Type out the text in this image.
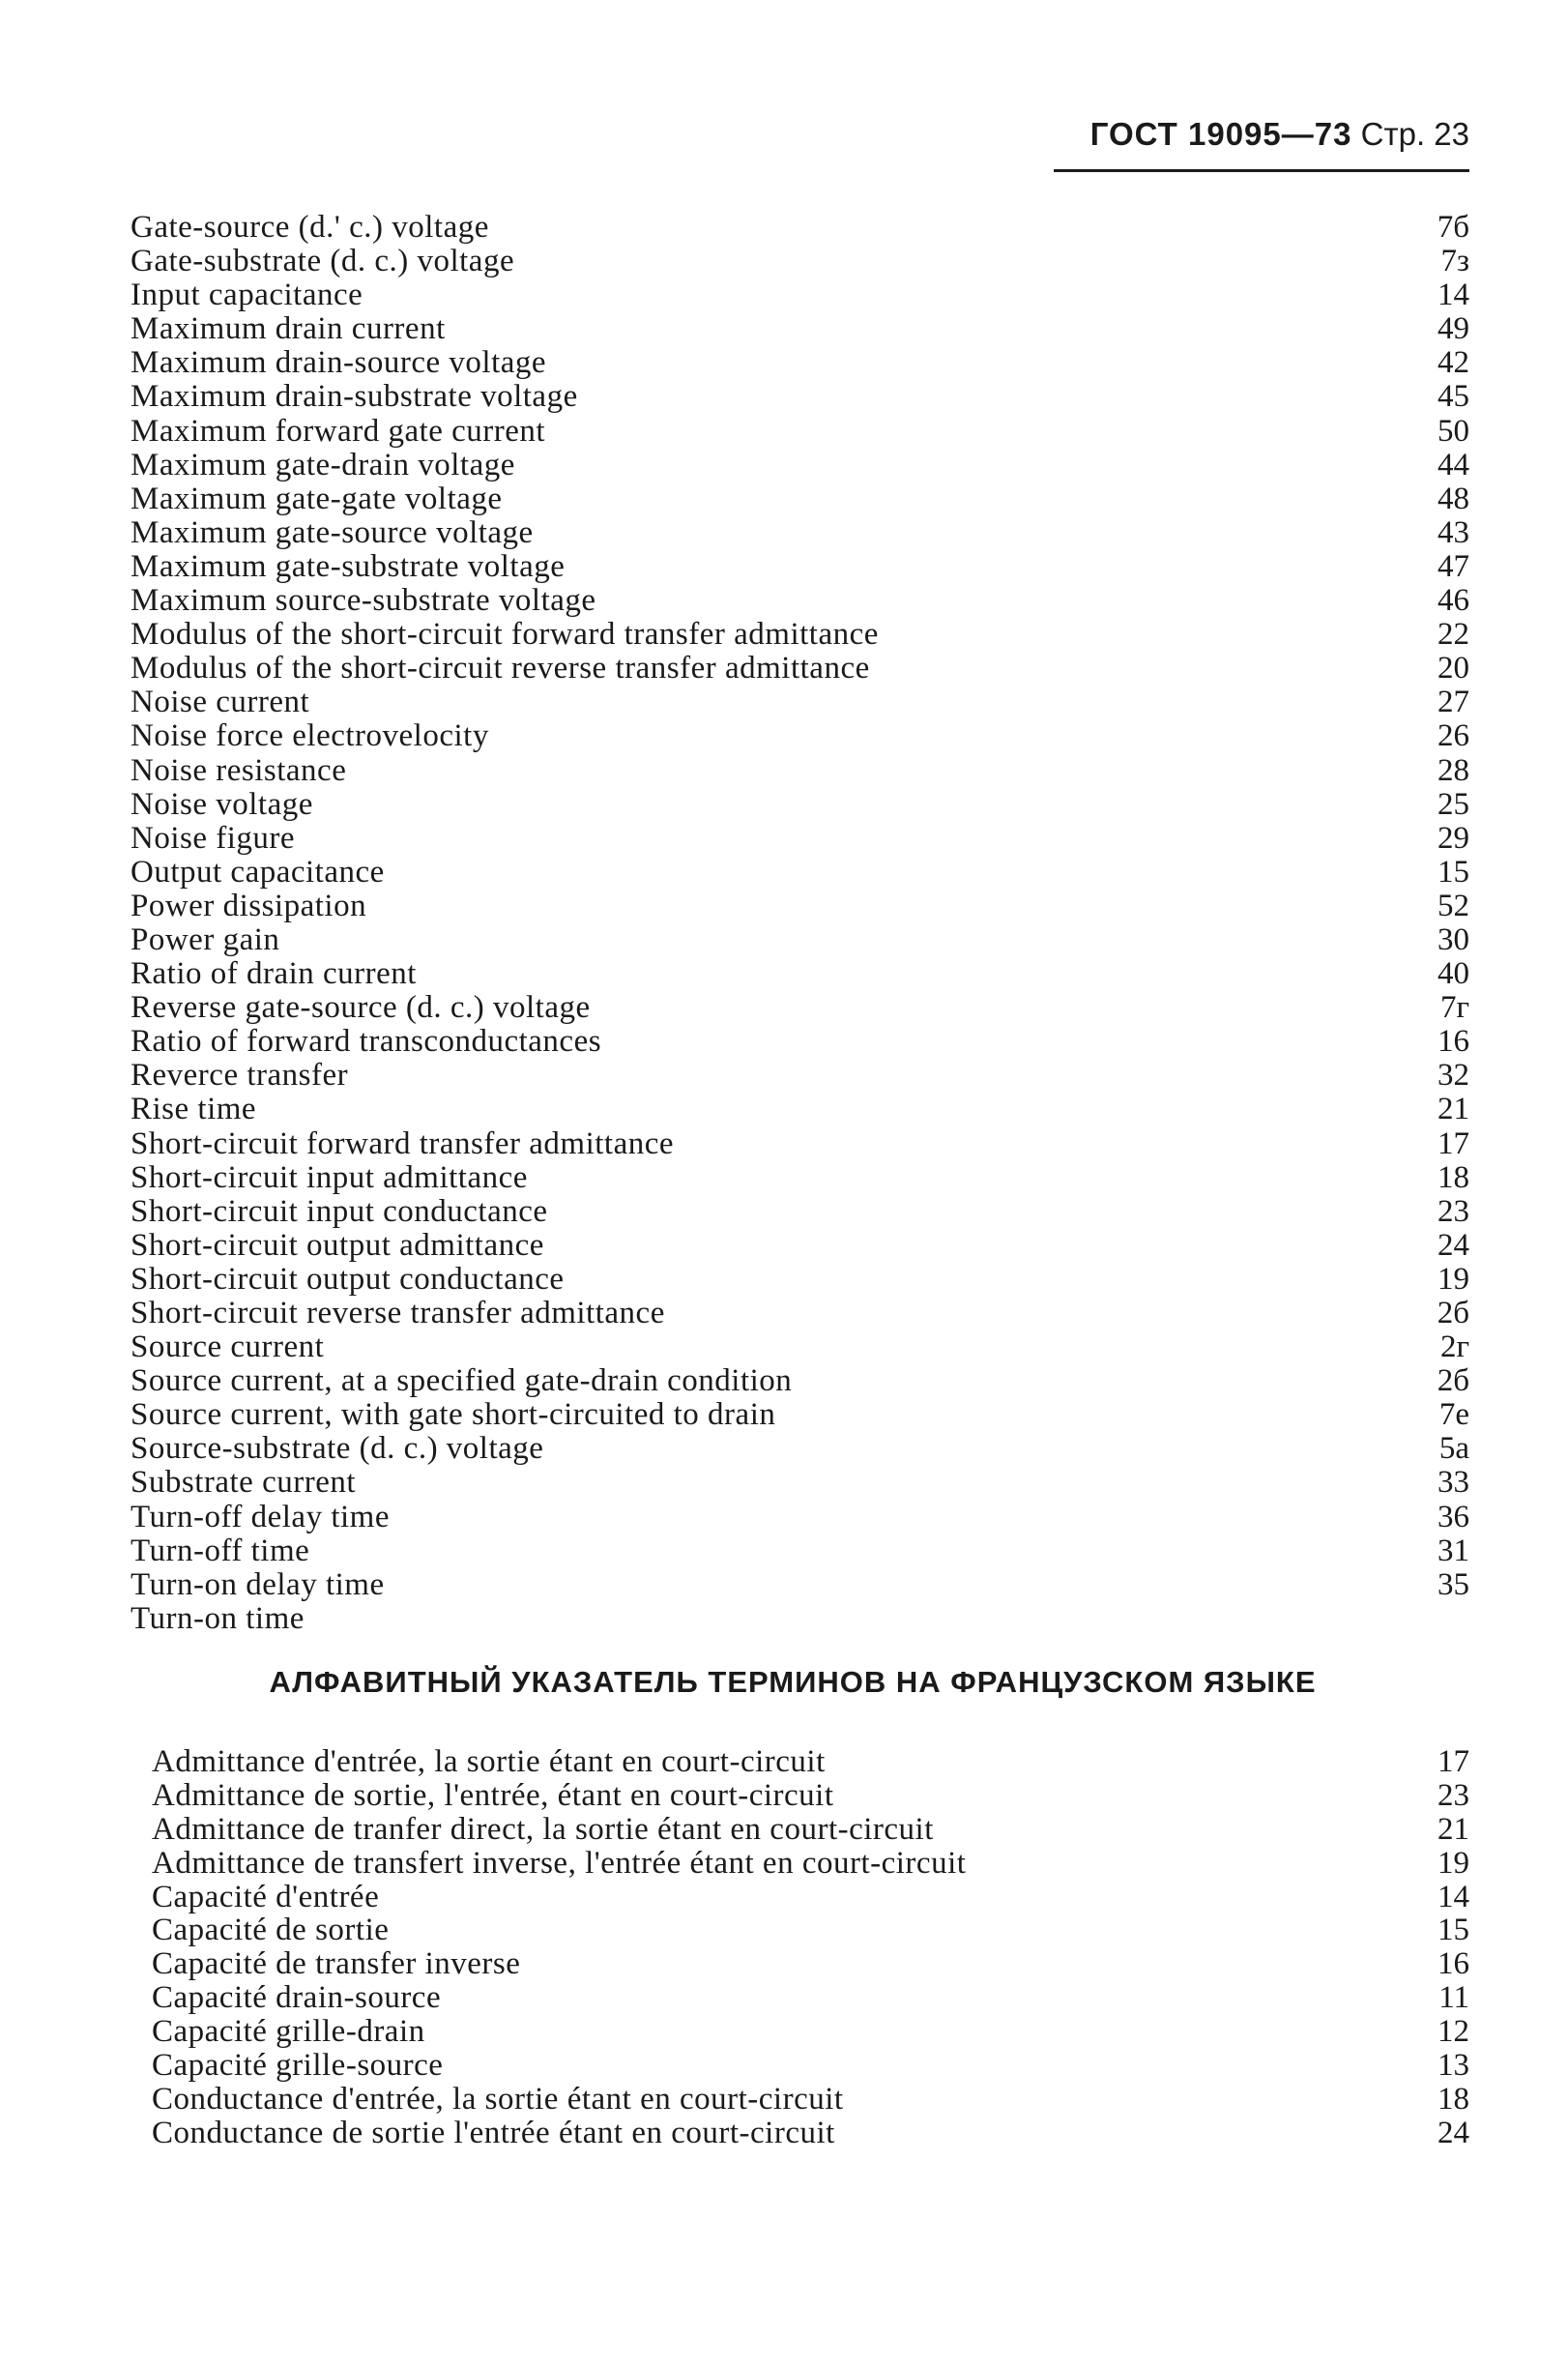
ГОСТ 19095—73 Стр. 23
Gate-source (d.' c.) voltage	7б
Gate-substrate (d. c.) voltage	7з
Input capacitance	14
Maximum drain current	49
Maximum drain-source voltage	42
Maximum drain-substrate voltage	45
Maximum forward gate current	50
Maximum gate-drain voltage	44
Maximum gate-gate voltage	48
Maximum gate-source voltage	43
Maximum gate-substrate voltage	47
Maximum source-substrate voltage	46
Modulus of the short-circuit forward transfer admittance	22
Modulus of the short-circuit reverse transfer admittance	20
Noise current	27
Noise force electrovelocity	26
Noise resistance	28
Noise voltage	25
Noise figure	29
Output capacitance	15
Power dissipation	52
Power gain	30
Ratio of drain current	40
Reverse gate-source (d. c.) voltage	7г
Ratio of forward transconductances	16
Reverce transfer	32
Rise time	21
Short-circuit forward transfer admittance	17
Short-circuit input admittance	18
Short-circuit input conductance	23
Short-circuit output admittance	24
Short-circuit output conductance	19
Short-circuit reverse transfer admittance	2б
Source current	2г
Source current, at a specified gate-drain condition	2б
Source current, with gate short-circuited to drain	7е
Source-substrate (d. c.) voltage	5а
Substrate current	33
Turn-off delay time	36
Turn-off time	31
Turn-on delay time	35
Turn-on time
АЛФАВИТНЫЙ УКАЗАТЕЛЬ ТЕРМИНОВ НА ФРАНЦУЗСКОМ ЯЗЫКЕ
Admittance d'entrée, la sortie étant en court-circuit	17
Admittance de sortie, l'entrée, étant en court-circuit	23
Admittance de tranfer direct, la sortie étant en court-circuit	21
Admittance de transfert inverse, l'entrée étant en court-circuit	19
Capacité d'entrée	14
Capacité de sortie	15
Capacité de transfer inverse	16
Capacité drain-source	11
Capacité grille-drain	12
Capacité grille-source	13
Conductance d'entrée, la sortie étant en court-circuit	18
Conductance de sortie l'entrée étant en court-circuit	24
